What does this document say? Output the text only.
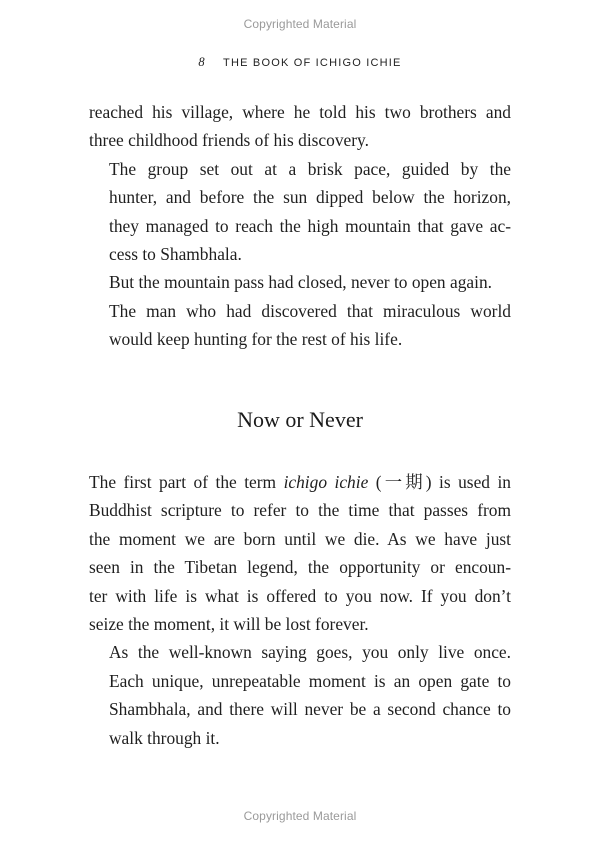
Copyrighted Material
8 THE BOOK OF ICHIGO ICHIE

reached his village, where he told his two brothers and
three childhood friends of his discovery.

The group set out at a brisk pace, guided by the
hunter, and before the sun dipped below the horizon,
they managed to reach the high mountain that gave ac-
cess to Shambhala.

But the mountain pass had closed, never to open again.

The man who had discovered that miraculous world
would keep hunting for the rest of his life.

Now or Never

The first part of the term ichigo ichie (一期) is used in
Buddhist scripture to refer to the time that passes from
the moment we are born until we die. As we have just
seen in the Tibetan legend, the opportunity or encoun-
ter with life is what is offered to you now. If you don’t
seize the moment, it will be lost forever.

As the well-known saying goes, you only live once.
Each unique, unrepeatable moment is an open gate to
Shambhala, and there will never be a second chance to
walk through it.

Copyrighted Material
